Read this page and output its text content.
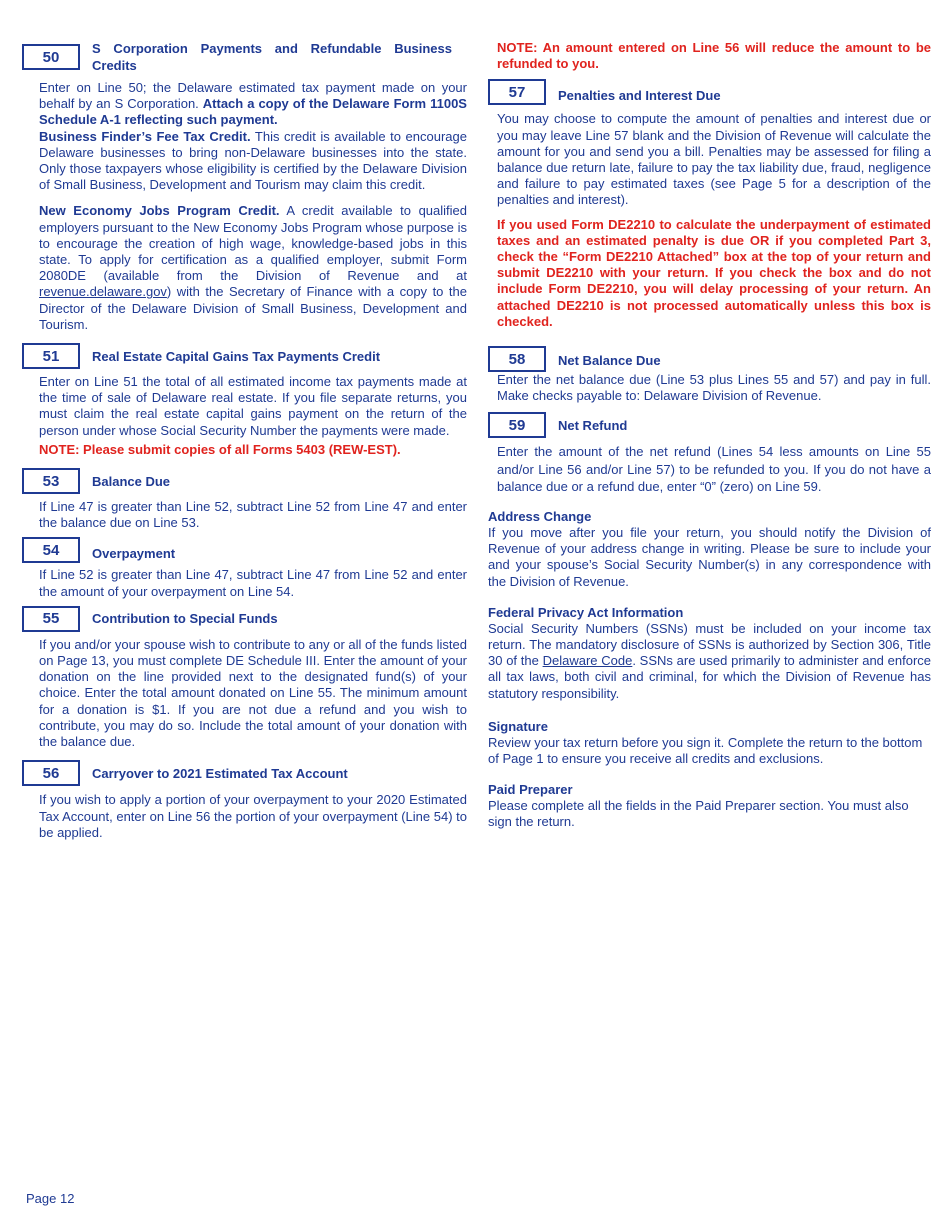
50	S Corporation Payments and Refundable Business Credits

Enter on Line 50; the Delaware estimated tax payment made on your behalf by an S Corporation. Attach a copy of the Delaware Form 1100S Schedule A-1 reflecting such payment.

Business Finder’s Fee Tax Credit. This credit is available to encourage Delaware businesses to bring non-Delaware businesses into the state. Only those taxpayers whose eligibility is certified by the Delaware Division of Small Business, Development and Tourism may claim this credit.

New Economy Jobs Program Credit. A credit available to qualified employers pursuant to the New Economy Jobs Program whose purpose is to encourage the creation of high wage, knowledge-based jobs in this state. To apply for certification as a qualified employer, submit Form 2080DE (available from the Division of Revenue and at revenue.delaware.gov) with the Secretary of Finance with a copy to the Director of the Delaware Division of Small Business, Development and Tourism.

51	Real Estate Capital Gains Tax Payments Credit

Enter on Line 51 the total of all estimated income tax payments made at the time of sale of Delaware real estate. If you file separate returns, you must claim the real estate capital gains payment on the return of the person under whose Social Security Number the payments were made.

NOTE: Please submit copies of all Forms 5403 (REW-EST).

53	Balance Due

If Line 47 is greater than Line 52, subtract Line 52 from Line 47 and enter the balance due on Line 53.

54	Overpayment

If Line 52 is greater than Line 47, subtract Line 47 from Line 52 and enter the amount of your overpayment on Line 54.

55	Contribution to Special Funds

If you and/or your spouse wish to contribute to any or all of the funds listed on Page 13, you must complete DE Schedule III. Enter the amount of your donation on the line provided next to the designated fund(s) of your choice. Enter the total amount donated on Line 55. The minimum amount for a donation is $1. If you are not due a refund and you wish to contribute, you may do so. Include the total amount of your donation with the balance due.

56	Carryover to 2021 Estimated Tax Account

If you wish to apply a portion of your overpayment to your 2020 Estimated Tax Account, enter on Line 56 the portion of your overpayment (Line 54) to be applied.

NOTE: An amount entered on Line 56 will reduce the amount to be refunded to you.

57	Penalties and Interest Due

You may choose to compute the amount of penalties and interest due or you may leave Line 57 blank and the Division of Revenue will calculate the amount for you and send you a bill. Penalties may be assessed for filing a balance due return late, failure to pay the tax liability due, fraud, negligence and failure to pay estimated taxes (see Page 5 for a description of the penalties and interest).

If you used Form DE2210 to calculate the underpayment of estimated taxes and an estimated penalty is due OR if you completed Part 3, check the “Form DE2210 Attached” box at the top of your return and submit DE2210 with your return. If you check the box and do not include Form DE2210, you will delay processing of your return. An attached DE2210 is not processed automatically unless this box is checked.

58	Net Balance Due

Enter the net balance due (Line 53 plus Lines 55 and 57) and pay in full. Make checks payable to: Delaware Division of Revenue.

59	Net Refund

Enter the amount of the net refund (Lines 54 less amounts on Line 55 and/or Line 56 and/or Line 57) to be refunded to you. If you do not have a balance due or a refund due, enter “0” (zero) on Line 59.

Address Change

If you move after you file your return, you should notify the Division of Revenue of your address change in writing. Please be sure to include your and your spouse’s Social Security Number(s) in any correspondence with the Division of Revenue.

Federal Privacy Act Information

Social Security Numbers (SSNs) must be included on your income tax return. The mandatory disclosure of SSNs is authorized by Section 306, Title 30 of the Delaware Code. SSNs are used primarily to administer and enforce all tax laws, both civil and criminal, for which the Division of Revenue has statutory responsibility.

Signature

Review your tax return before you sign it. Complete the return to the bottom of Page 1 to ensure you receive all credits and exclusions.

Paid Preparer

Please complete all the fields in the Paid Preparer section. You must also sign the return.

Page 12
